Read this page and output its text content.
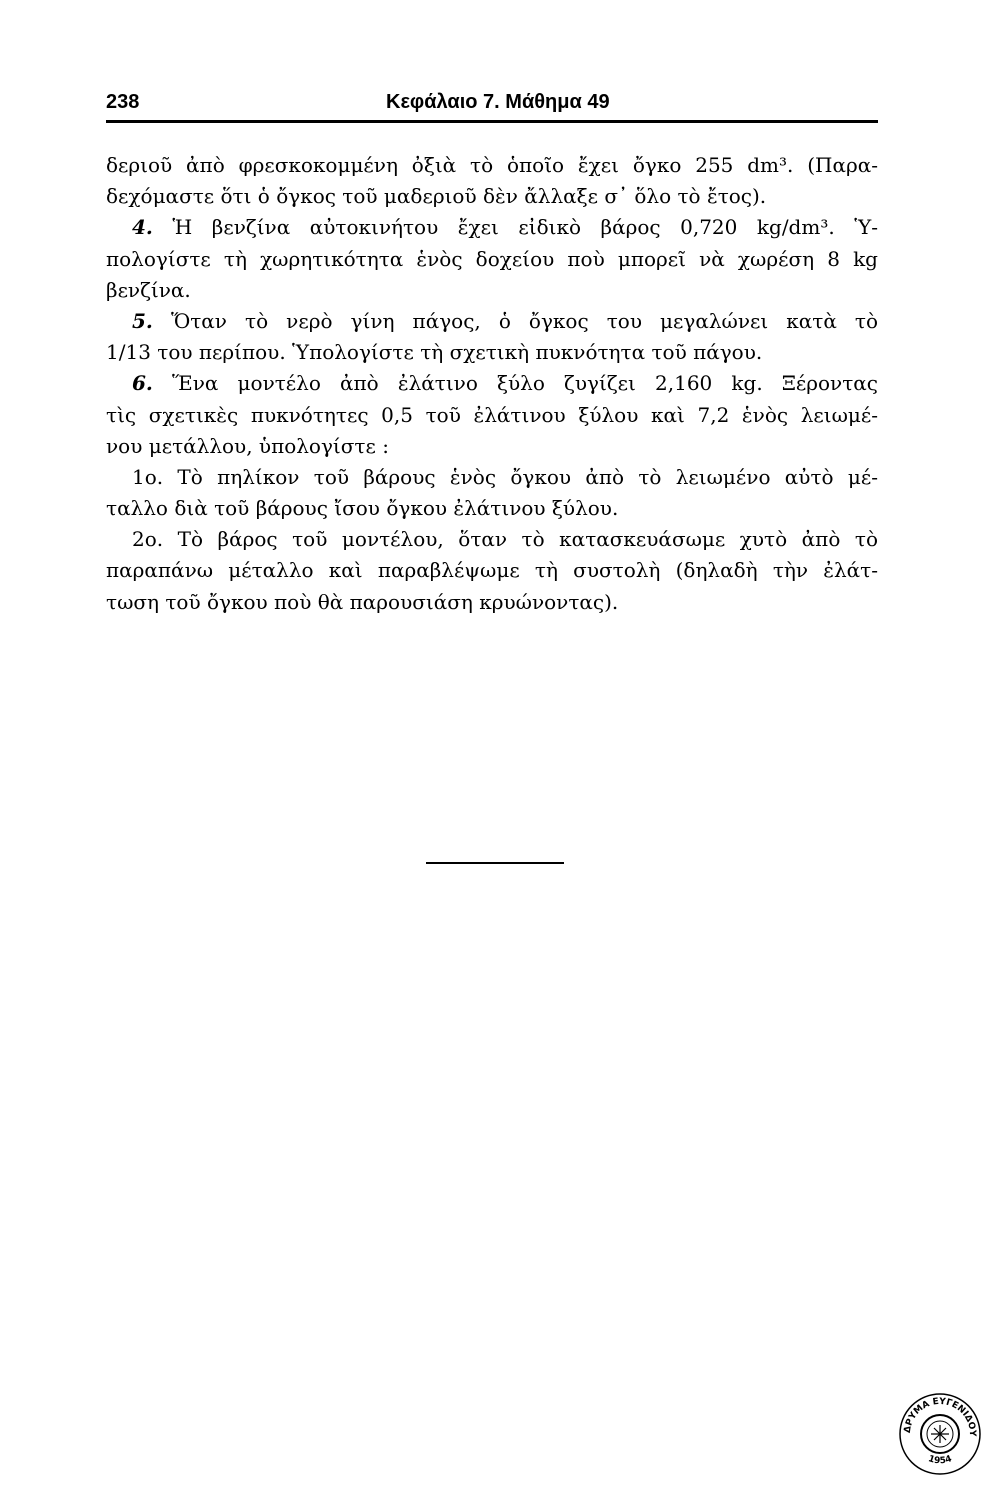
238	Κεφάλαιο 7. Μάθημα 49
δεριοῦ ἀπὸ φρεσκοκομμένη ὀξιὰ τὸ ὁποῖο ἔχει ὄγκο 255 dm³. (Παρα-
δεχόμαστε ὅτι ὁ ὄγκος τοῦ μαδεριοῦ δὲν ἄλλαξε σ᾽ ὅλο τὸ ἔτος).
4. Ἡ βενζίνα αὐτοκινήτου ἔχει εἰδικὸ βάρος 0,720 kg/dm³. Ὑ-
πολογίστε τὴ χωρητικότητα ἑνὸς δοχείου ποὺ μπορεῖ νὰ χωρέση 8 kg
βενζίνα.
5. Ὅταν τὸ νερὸ γίνη πάγος, ὁ ὄγκος του μεγαλώνει κατὰ τὸ
1/13 του περίπου. Ὑπολογίστε τὴ σχετικὴ πυκνότητα τοῦ πάγου.
6. Ἕνα μοντέλο ἀπὸ ἐλάτινο ξύλο ζυγίζει 2,160 kg. Ξέροντας
τὶς σχετικὲς πυκνότητες 0,5 τοῦ ἐλάτινου ξύλου καὶ 7,2 ἑνὸς λειωμέ-
νου μετάλλου, ὑπολογίστε :
1ο. Τὸ πηλίκον τοῦ βάρους ἑνὸς ὄγκου ἀπὸ τὸ λειωμένο αὐτὸ μέ-
ταλλο διὰ τοῦ βάρους ἴσου ὄγκου ἐλάτινου ξύλου.
2ο. Τὸ βάρος τοῦ μοντέλου, ὅταν τὸ κατασκευάσωμε χυτὸ ἀπὸ τὸ
παραπάνω μέταλλο καὶ παραβλέψωμε τὴ συστολὴ (δηλαδὴ τὴν ἐλάτ-
τωση τοῦ ὄγκου ποὺ θὰ παρουσιάση κρυώνοντας).
ΔΡΥΜΑ ΕΥΓΕΝΙΔΟΥ
1954
